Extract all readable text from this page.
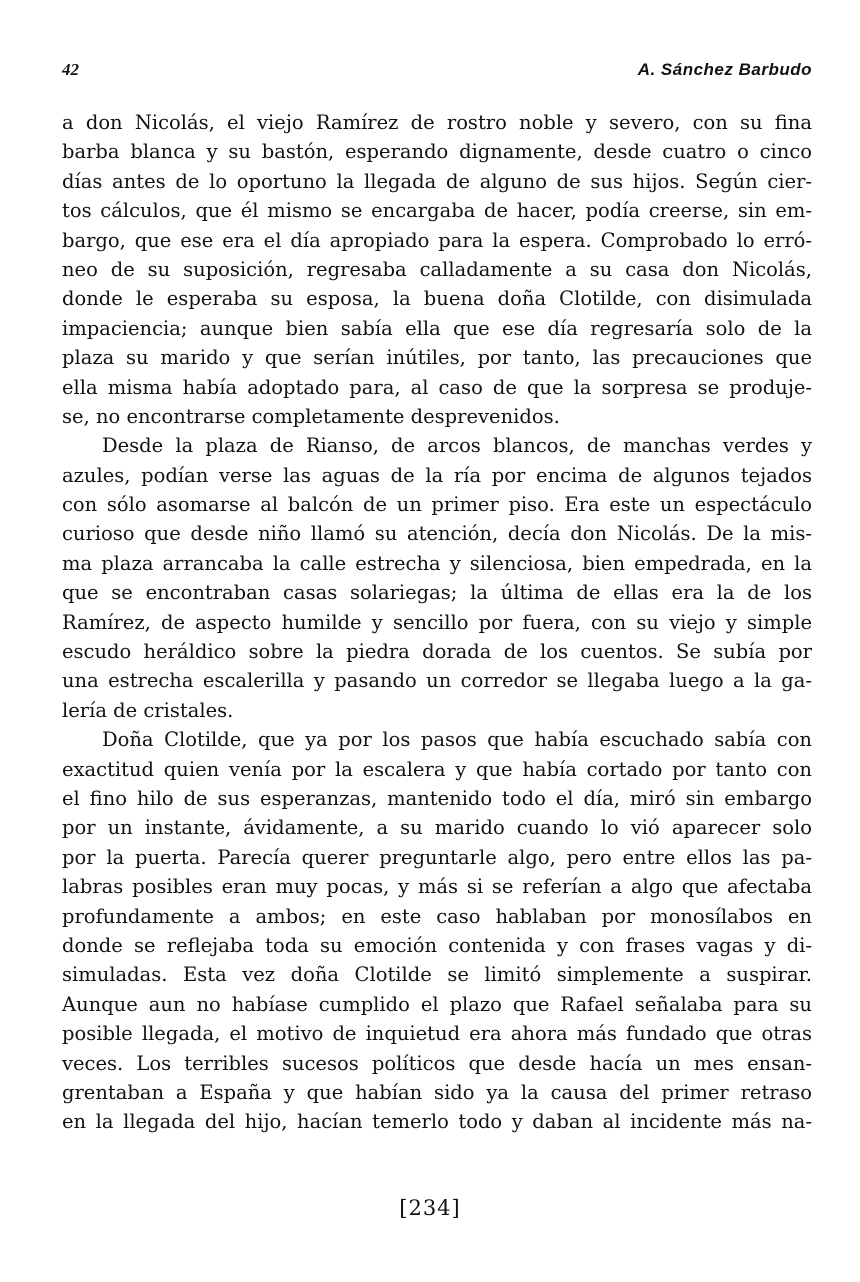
42	A. Sánchez Barbudo
a don Nicolás, el viejo Ramírez de rostro noble y severo, con su fina
barba blanca y su bastón, esperando dignamente, desde cuatro o cinco
días antes de lo oportuno la llegada de alguno de sus hijos. Según cier-
tos cálculos, que él mismo se encargaba de hacer, podía creerse, sin em-
bargo, que ese era el día apropiado para la espera. Comprobado lo erró-
neo de su suposición, regresaba calladamente a su casa don Nicolás,
donde le esperaba su esposa, la buena doña Clotilde, con disimulada
impaciencia; aunque bien sabía ella que ese día regresaría solo de la
plaza su marido y que serían inútiles, por tanto, las precauciones que
ella misma había adoptado para, al caso de que la sorpresa se produje-
se, no encontrarse completamente desprevenidos.
Desde la plaza de Rianso, de arcos blancos, de manchas verdes y
azules, podían verse las aguas de la ría por encima de algunos tejados
con sólo asomarse al balcón de un primer piso. Era este un espectáculo
curioso que desde niño llamó su atención, decía don Nicolás. De la mis-
ma plaza arrancaba la calle estrecha y silenciosa, bien empedrada, en la
que se encontraban casas solariegas; la última de ellas era la de los
Ramírez, de aspecto humilde y sencillo por fuera, con su viejo y simple
escudo heráldico sobre la piedra dorada de los cuentos. Se subía por
una estrecha escalerilla y pasando un corredor se llegaba luego a la ga-
lería de cristales.
Doña Clotilde, que ya por los pasos que había escuchado sabía con
exactitud quien venía por la escalera y que había cortado por tanto con
el fino hilo de sus esperanzas, mantenido todo el día, miró sin embargo
por un instante, ávidamente, a su marido cuando lo vió aparecer solo
por la puerta. Parecía querer preguntarle algo, pero entre ellos las pa-
labras posibles eran muy pocas, y más si se referían a algo que afectaba
profundamente a ambos; en este caso hablaban por monosílabos en
donde se reflejaba toda su emoción contenida y con frases vagas y di-
simuladas. Esta vez doña Clotilde se limitó simplemente a suspirar.
Aunque aun no habíase cumplido el plazo que Rafael señalaba para su
posible llegada, el motivo de inquietud era ahora más fundado que otras
veces. Los terribles sucesos políticos que desde hacía un mes ensan-
grentaban a España y que habían sido ya la causa del primer retraso
en la llegada del hijo, hacían temerlo todo y daban al incidente más na-
[234]
